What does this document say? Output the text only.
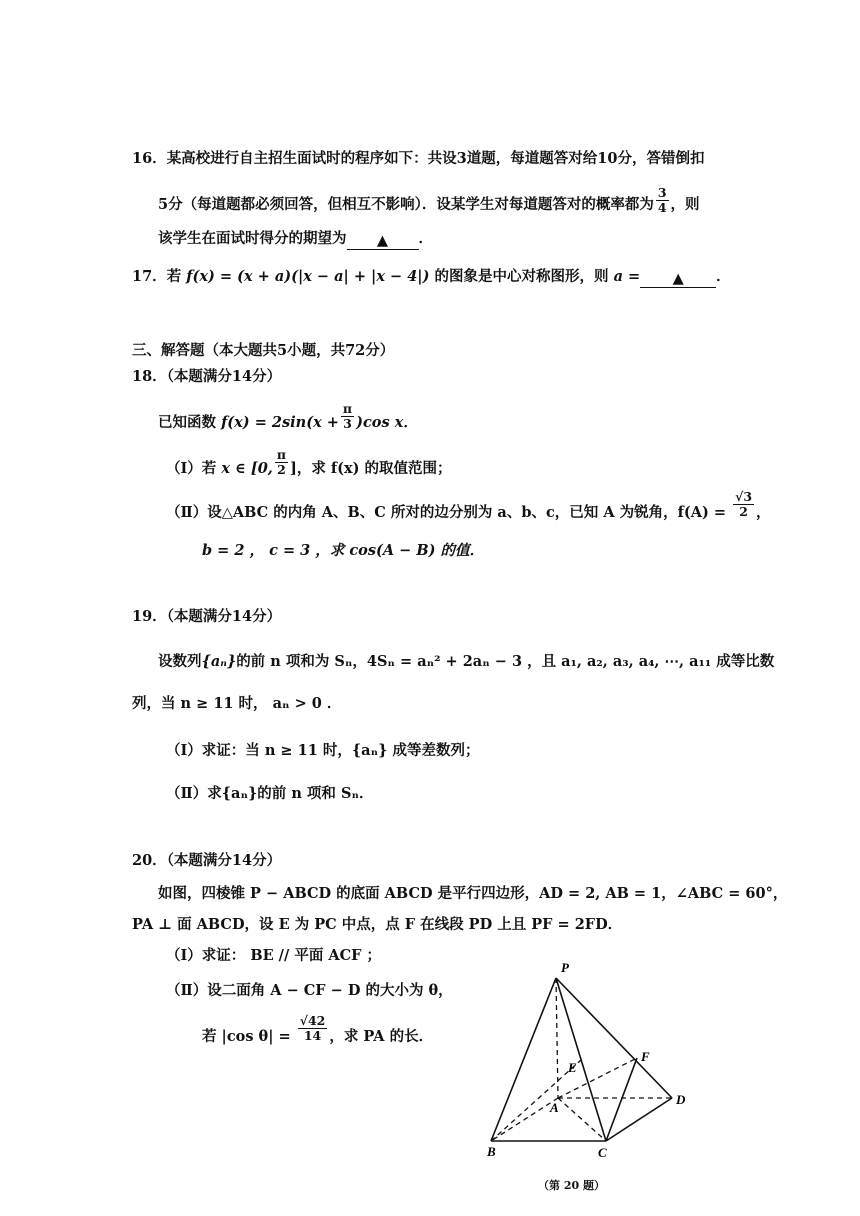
16．某高校进行自主招生面试时的程序如下：共设3道题，每道题答对给10分，答错倒扣
5分（每道题都必须回答，但相互不影响）．设某学生对每道题答对的概率都为 $\frac{3}{4}$ ，则
该学生在面试时得分的期望为 ▲ ．
17．若 f(x) = (x + a)(|x − a| + |x − 4|) 的图象是中心对称图形，则 a = ▲ ．
三、解答题（本大题共5小题，共72分）
18．（本题满分14分）
已知函数 $f(x) = 2\sin(x + \frac{\pi}{3} )\cos$ x．
（Ⅰ）若 x ∈ [0, $\frac{\pi}{2}$ ]，求 f(x) 的取值范围；
（Ⅱ）设△ABC 的内角 A、B、C 所对的边分别为 a、b、c，已知 A 为锐角，$f(A) = \frac{√3}{2}$ ，
b = 2 ， c = 3 ，求 cos(A − B) 的值．
19．（本题满分14分）
设数列{aₙ}的前 n 项和为 Sₙ，4Sₙ = aₙ² + 2aₙ − 3 ，且 a₁, a₂, a₃, a₄, ⋯, a₁₁ 成等比数
列，当 n ≥ 11 时， aₙ > 0 ．
（Ⅰ）求证：当 n ≥ 11 时，{aₙ} 成等差数列；
（Ⅱ）求{aₙ}的前 n 项和 Sₙ．
20．（本题满分14分）
如图，四棱锥 P − ABCD 的底面 ABCD 是平行四边形，AD = 2, AB = 1，∠ABC = 60°，
PA ⊥ 面 ABCD，设 E 为 PC 中点，点 F 在线段 PD 上且 PF = 2FD．
（Ⅰ）求证： BE // 平面 ACF ；
（Ⅱ）设二面角 A − CF − D 的大小为 θ，
若 |cos $\theta| = \frac{√42}{14}$ ，求 PA 的长．
P
E
F
A
D
B	C
（第 20 题）
